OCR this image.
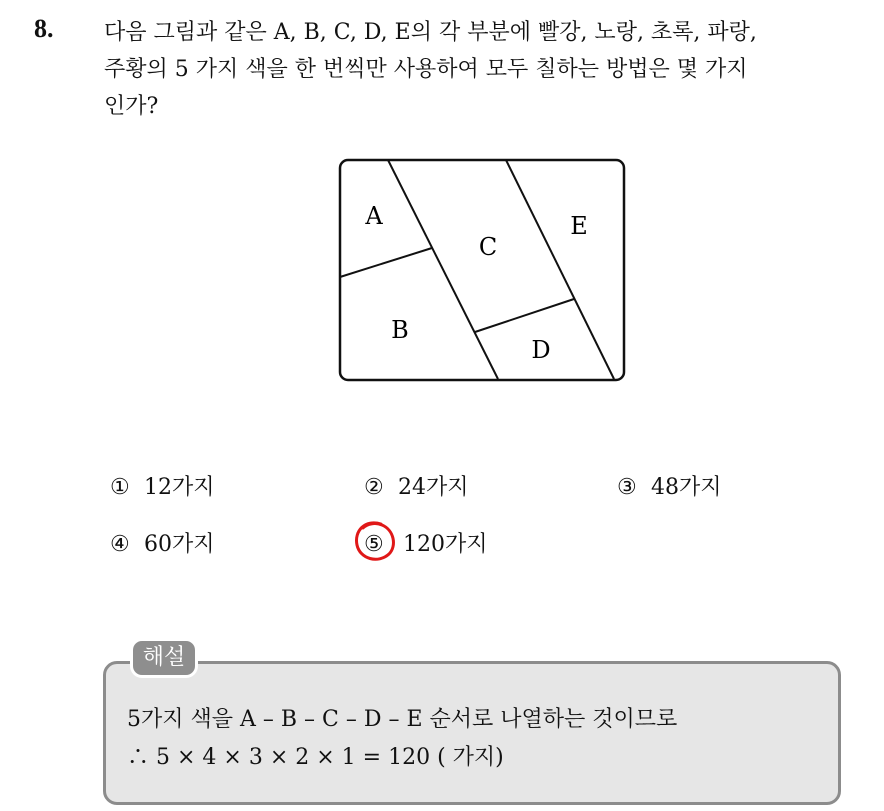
8. 다음 그림과 같은 A, B, C, D, E의 각 부분에 빨강, 노랑, 초록, 파랑,
주황의 5 가지 색을 한 번씩만 사용하여 모두 칠하는 방법은 몇 가지
인가?
A
B
C
D
E
① 12가지	② 24가지	③ 48가지
④ 60가지	⑤ 120가지
해설
5가지 색을 A – B – C – D – E 순서로 나열하는 것이므로
∴ 5 × 4 × 3 × 2 × 1 = 120 ( 가지)
